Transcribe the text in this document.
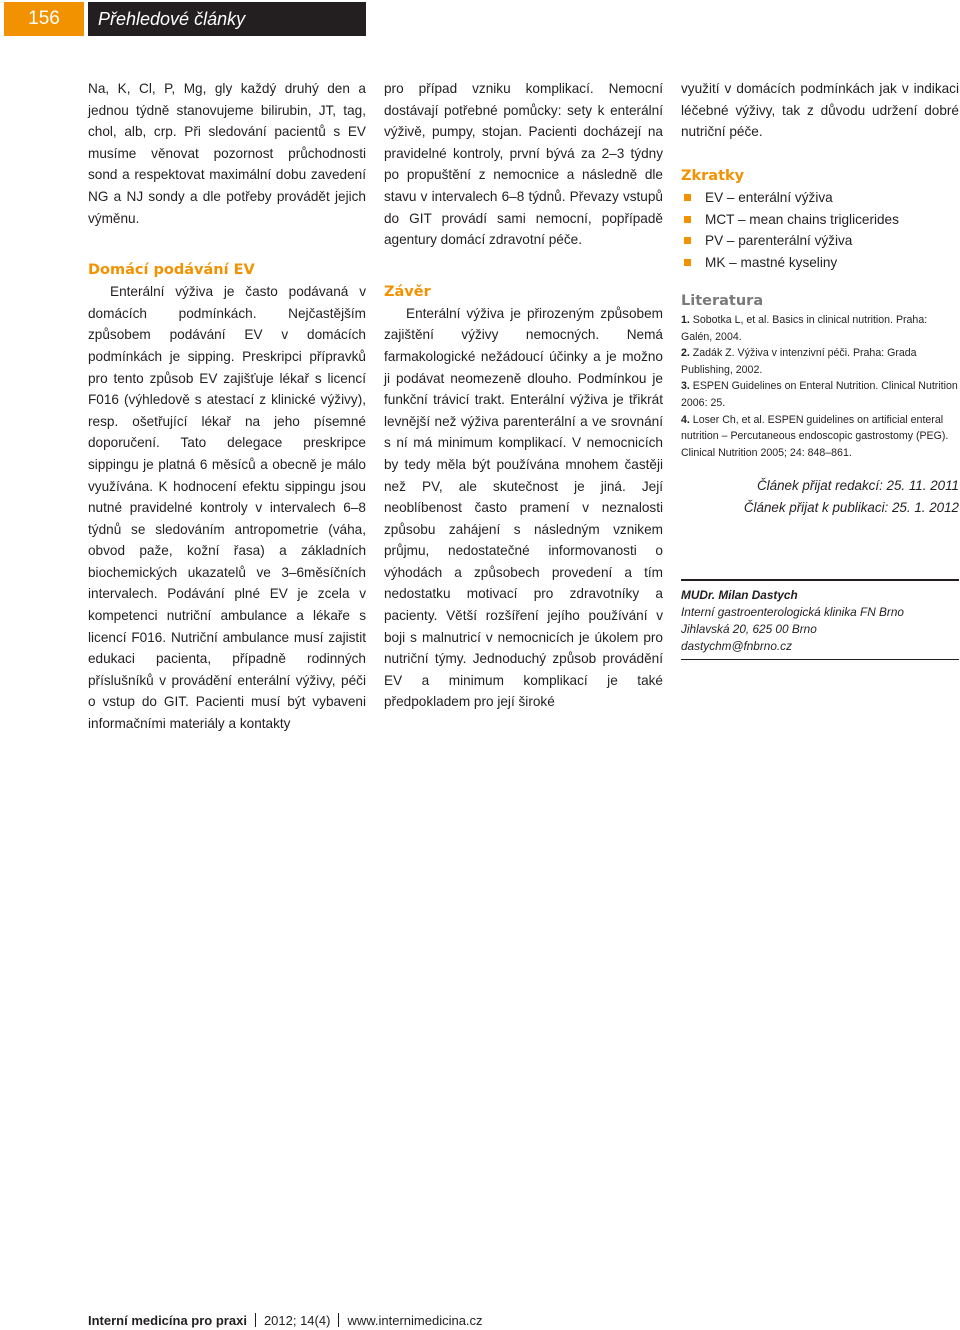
156	Přehledové články

Na, K, Cl, P, Mg, gly každý druhý den a jednou týdně stanovujeme bilirubin, JT, tag, chol, alb, crp. Při sledování pacientů s EV musíme věnovat pozornost průchodnosti sond a respektovat maximální dobu zavedení NG a NJ sondy a dle potřeby provádět jejich výměnu.

Domácí podávání EV

Enterální výživa je často podávaná v domácích podmínkách. Nejčastějším způsobem podávání EV v domácích podmínkách je sipping. Preskripci přípravků pro tento způsob EV zajišťuje lékař s licencí F016 (výhledově s atestací z klinické výživy), resp. ošetřující lékař na jeho písemné doporučení. Tato delegace preskripce sippingu je platná 6 měsíců a obecně je málo využívána. K hodnocení efektu sippingu jsou nutné pravidelné kontroly v intervalech 6–8 týdnů se sledováním antropometrie (váha, obvod paže, kožní řasa) a základních biochemických ukazatelů ve 3–6měsíčních intervalech. Podávání plné EV je zcela v kompetenci nutriční ambulance a lékaře s licencí F016. Nutriční ambulance musí zajistit edukaci pacienta, případně rodinných příslušníků v provádění enterální výživy, péči o vstup do GIT. Pacienti musí být vybaveni informačními materiály a kontakty

pro případ vzniku komplikací. Nemocní dostávají potřebné pomůcky: sety k enterální výživě, pumpy, stojan. Pacienti docházejí na pravidelné kontroly, první bývá za 2–3 týdny po propuštění z nemocnice a následně dle stavu v intervalech 6–8 týdnů. Převazy vstupů do GIT provádí sami nemocní, popřípadě agentury domácí zdravotní péče.

Závěr

Enterální výživa je přirozeným způsobem zajištění výživy nemocných. Nemá farmakologické nežádoucí účinky a je možno ji podávat neomezeně dlouho. Podmínkou je funkční trávicí trakt. Enterální výživa je třikrát levnější než výživa parenterální a ve srovnání s ní má minimum komplikací. V nemocnicích by tedy měla být používána mnohem častěji než PV, ale skutečnost je jiná. Její neoblíbenost často pramení v neznalosti způsobu zahájení s následným vznikem průjmu, nedostatečné informovanosti o výhodách a způsobech provedení a tím nedostatku motivací pro zdravotníky a pacienty. Větší rozšíření jejího používání v boji s malnutricí v nemocnicích je úkolem pro nutriční týmy. Jednoduchý způsob provádění EV a minimum komplikací je také předpokladem pro její široké

využití v domácích podmínkách jak v indikaci léčebné výživy, tak z důvodu udržení dobré nutriční péče.

Zkratky
EV – enterální výživa
MCT – mean chains triglicerides
PV – parenterální výživa
MK – mastné kyseliny
Literatura
1. Sobotka L, et al. Basics in clinical nutrition. Praha: Galén, 2004.
2. Zadák Z. Výživa v intenzivní péči. Praha: Grada Publishing, 2002.
3. ESPEN Guidelines on Enteral Nutrition. Clinical Nutrition 2006: 25.
4. Loser Ch, et al. ESPEN guidelines on artificial enteral nutrition – Percutaneous endoscopic gastrostomy (PEG). Clinical Nutrition 2005; 24: 848–861.
Článek přijat redakcí: 25. 11. 2011
Článek přijat k publikaci: 25. 1. 2012
MUDr. Milan Dastych
Interní gastroenterologická klinika FN Brno
Jihlavská 20, 625 00 Brno
dastychm@fnbrno.cz
Interní medicína pro praxi 2012; 14(4) www.internimedicina.cz
